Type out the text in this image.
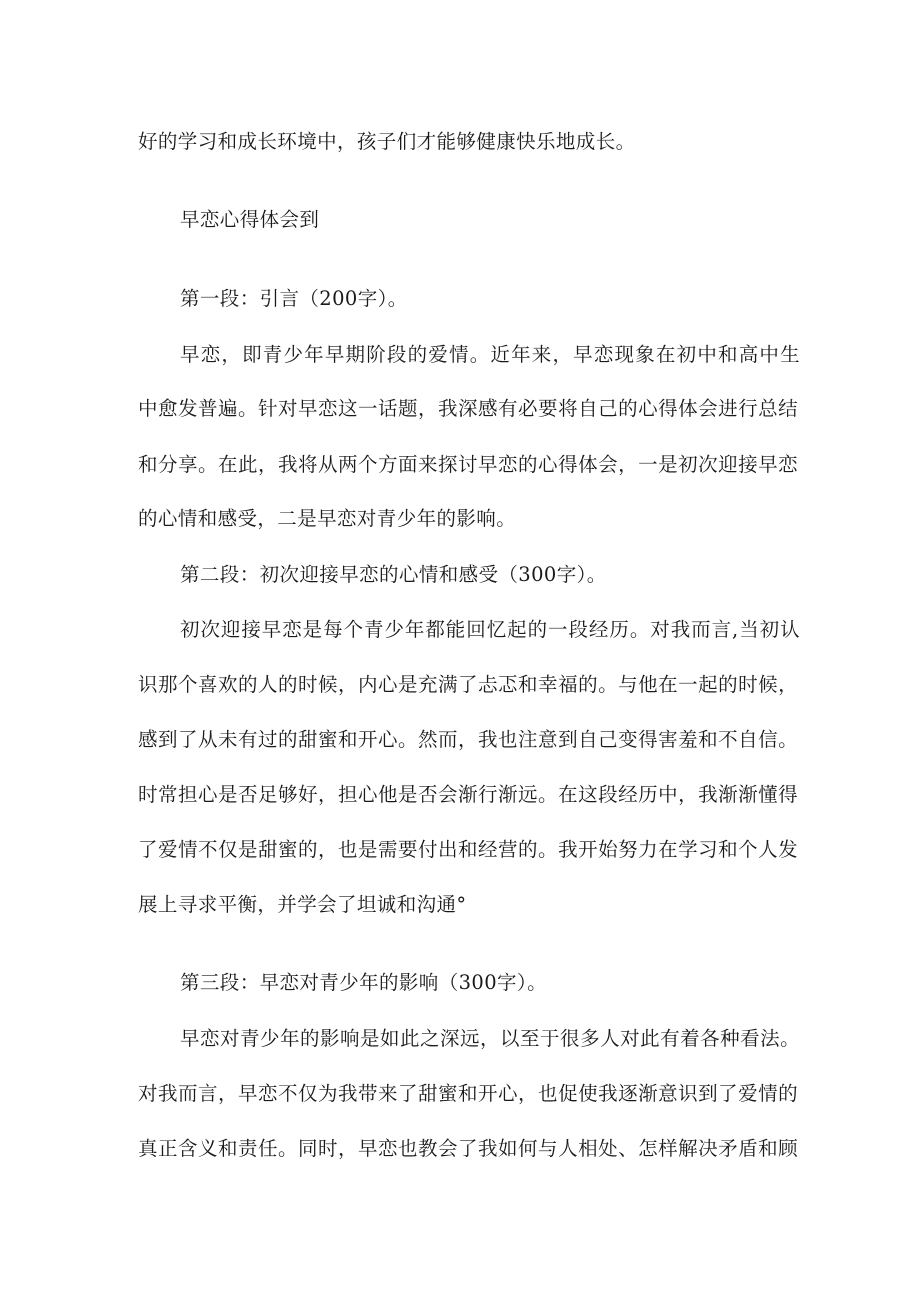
好的学习和成长环境中，孩子们才能够健康快乐地成长。
早恋心得体会到
第一段：引言（200字）。
早恋，即青少年早期阶段的爱情。近年来，早恋现象在初中和高中生
中愈发普遍。针对早恋这一话题，我深感有必要将自己的心得体会进行总结
和分享。在此，我将从两个方面来探讨早恋的心得体会，一是初次迎接早恋
的心情和感受，二是早恋对青少年的影响。
第二段：初次迎接早恋的心情和感受（300字）。
初次迎接早恋是每个青少年都能回忆起的一段经历。对我而言,当初认
识那个喜欢的人的时候，内心是充满了忐忑和幸福的。与他在一起的时候，
感到了从未有过的甜蜜和开心。然而，我也注意到自己变得害羞和不自信。
时常担心是否足够好，担心他是否会渐行渐远。在这段经历中，我渐渐懂得
了爱情不仅是甜蜜的，也是需要付出和经营的。我开始努力在学习和个人发
展上寻求平衡，并学会了坦诚和沟通°
第三段：早恋对青少年的影响（300字）。
早恋对青少年的影响是如此之深远，以至于很多人对此有着各种看法。
对我而言，早恋不仅为我带来了甜蜜和开心，也促使我逐渐意识到了爱情的
真正含义和责任。同时，早恋也教会了我如何与人相处、怎样解决矛盾和顾
